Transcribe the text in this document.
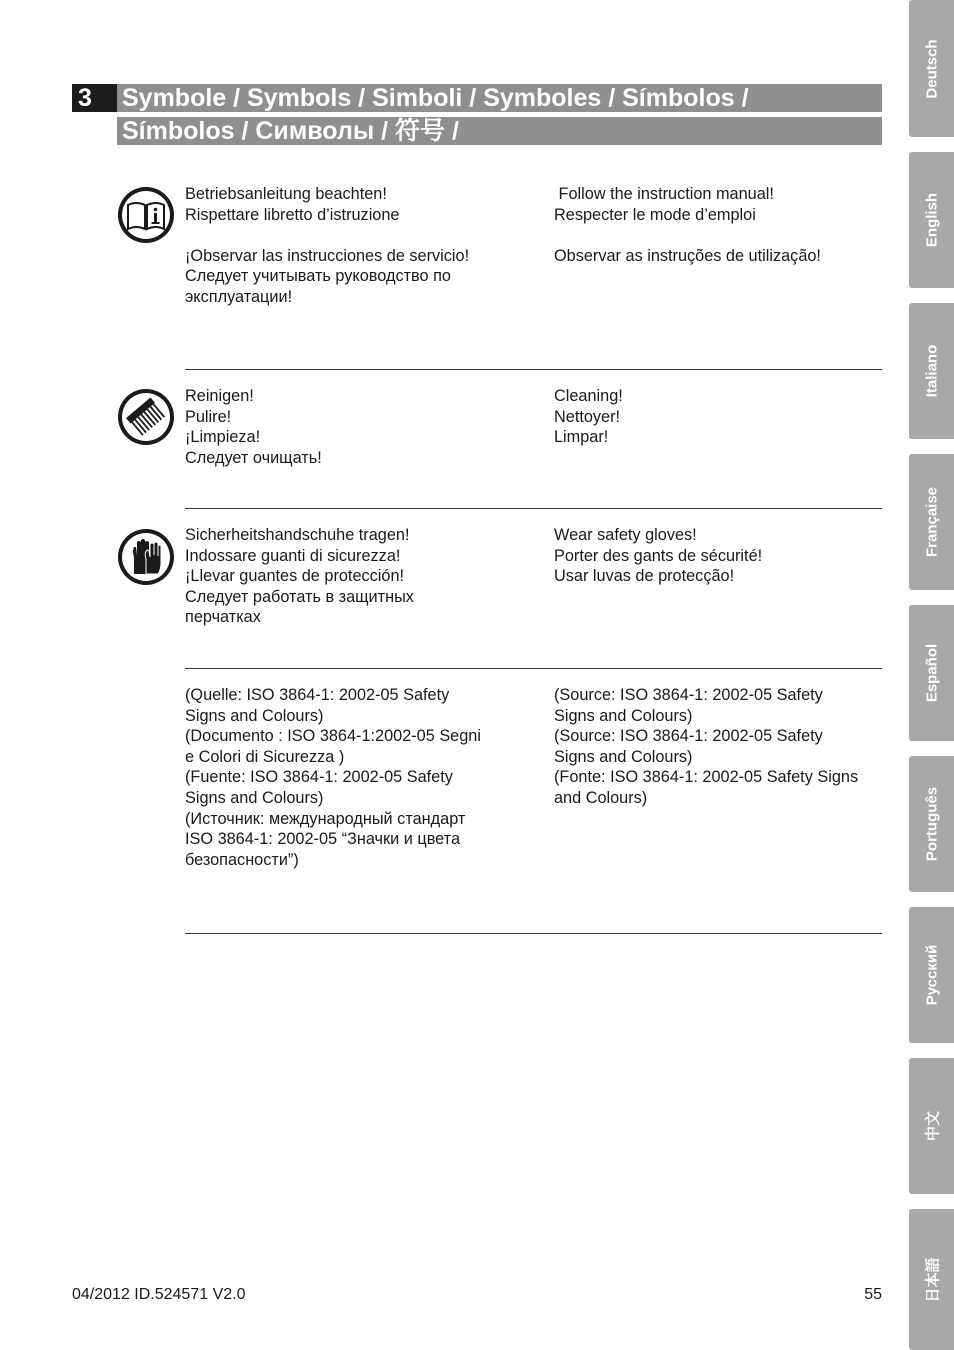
3	Symbole / Symbols / Simboli / Symboles / Símbolos /
Símbolos / Символы / 符号 /
Betriebsanleitung beachten!
Rispettare libretto d’istruzione
¡Observar las instrucciones de servicio!
Следует учитывать руководство по
эксплуатации!
Follow the instruction manual!
Respecter le mode d’emploi
Observar as instruções de utilização!
Reinigen!
Pulire!
¡Limpieza!
Следует очищать!
Cleaning!
Nettoyer!
Limpar!
Sicherheitshandschuhe tragen!
Indossare guanti di sicurezza!
¡Llevar guantes de protección!
Следует работать в защитных
перчатках
Wear safety gloves!
Porter des gants de sécurité!
Usar luvas de protecção!
(Quelle: ISO 3864-1: 2002-05 Safety
Signs and Colours)
(Documento : ISO 3864-1:2002-05 Segni
e Colori di Sicurezza )
(Fuente: ISO 3864-1: 2002-05 Safety
Signs and Colours)
(Источник: международный стандарт
ISO 3864-1: 2002-05 “Значки и цвета
безопасности”)
(Source: ISO 3864-1: 2002-05 Safety
Signs and Colours)
(Source: ISO 3864-1: 2002-05 Safety
Signs and Colours)
(Fonte: ISO 3864-1: 2002-05 Safety Signs
and Colours)
04/2012 ID.524571 V2.0	55
Deutsch
English
Italiano
Française
Español
Português
Русский
中文
日本語
